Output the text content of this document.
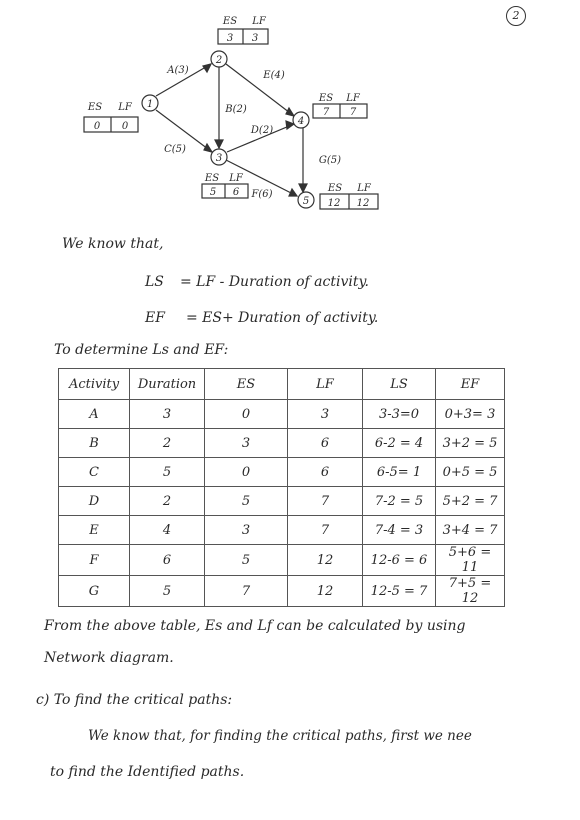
2
1
2
3
4
5
ES LF
ES LF
ES LF
ES LF
ES LF
0 0
3 3
5 6
7 7
12 12
A(3)
C(5)
B(2)
E(4)
D(2)
F(6)
G(5)
We know that,
LS = LF - Duration of activity.
EF = ES+ Duration of activity.
To determine Ls and EF:
Activity	Duration	ES	LF	LS	EF
A	3	0	3	3-3=0	0+3= 3
B	2	3	6	6-2 = 4	3+2 = 5
C	5	0	6	6-5= 1	0+5 = 5
D	2	5	7	7-2 = 5	5+2 = 7
E	4	3	7	7-4 = 3	3+4 = 7
F	6	5	12	12-6 = 6	5+6 = 11
G	5	7	12	12-5 = 7	7+5 = 12
From the above table, Es and Lf can be calculated by using
Network diagram.
c) To find the critical paths:
We know that, for finding the critical paths, first we nee
to find the Identified paths.
